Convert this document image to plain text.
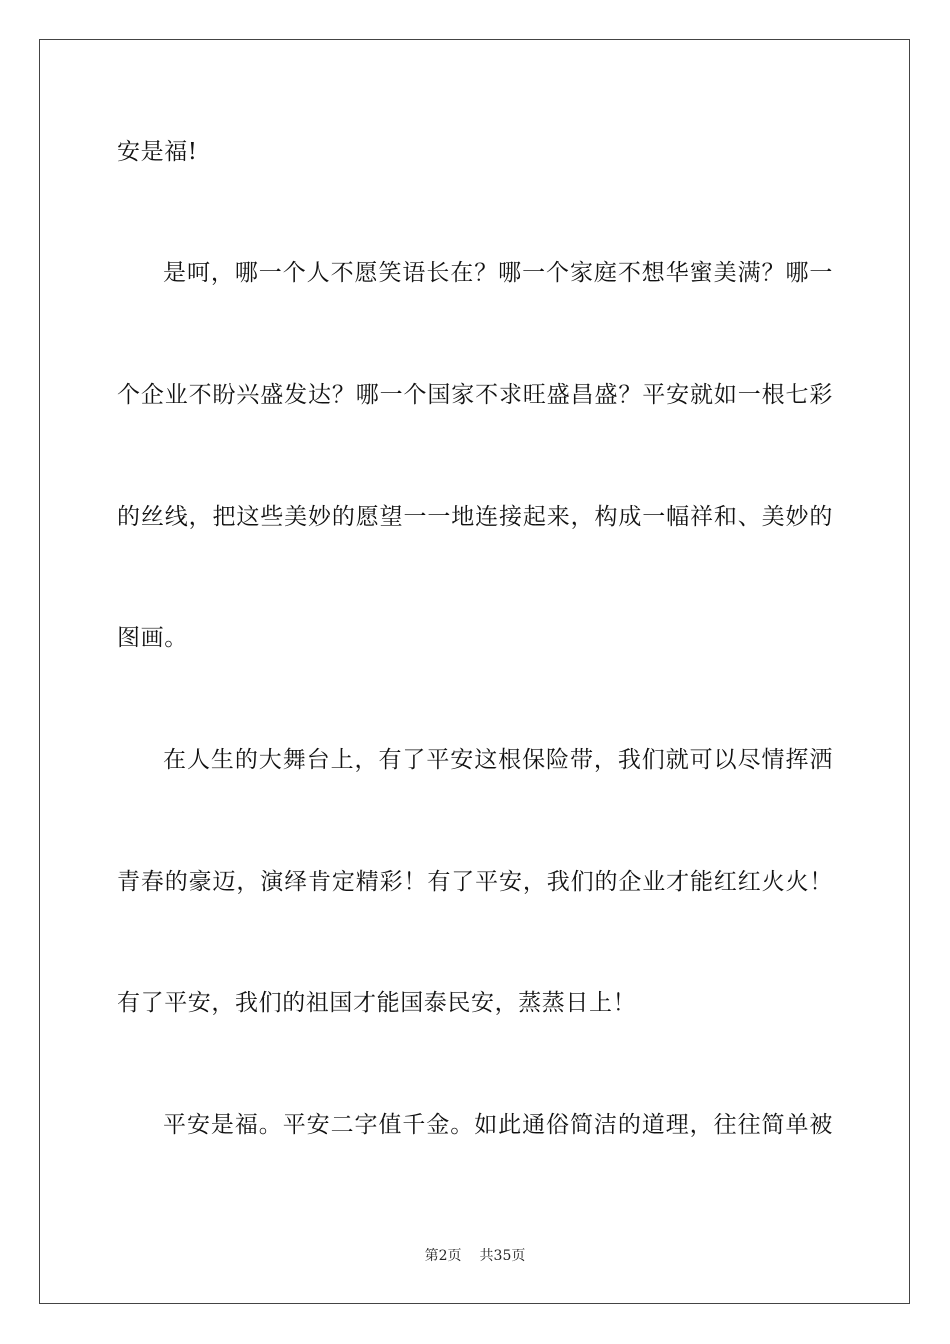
安是福!
是呵，哪一个人不愿笑语长在？哪一个家庭不想华蜜美满？哪一
个企业不盼兴盛发达？哪一个国家不求旺盛昌盛？平安就如一根七彩
的丝线，把这些美妙的愿望一一地连接起来，构成一幅祥和、美妙的
图画。
在人生的大舞台上，有了平安这根保险带，我们就可以尽情挥洒
青春的豪迈，演绎肯定精彩！有了平安，我们的企业才能红红火火！
有了平安，我们的祖国才能国泰民安，蒸蒸日上！
平安是福。平安二字值千金。如此通俗简洁的道理，往往简单被
第2页 共35页
